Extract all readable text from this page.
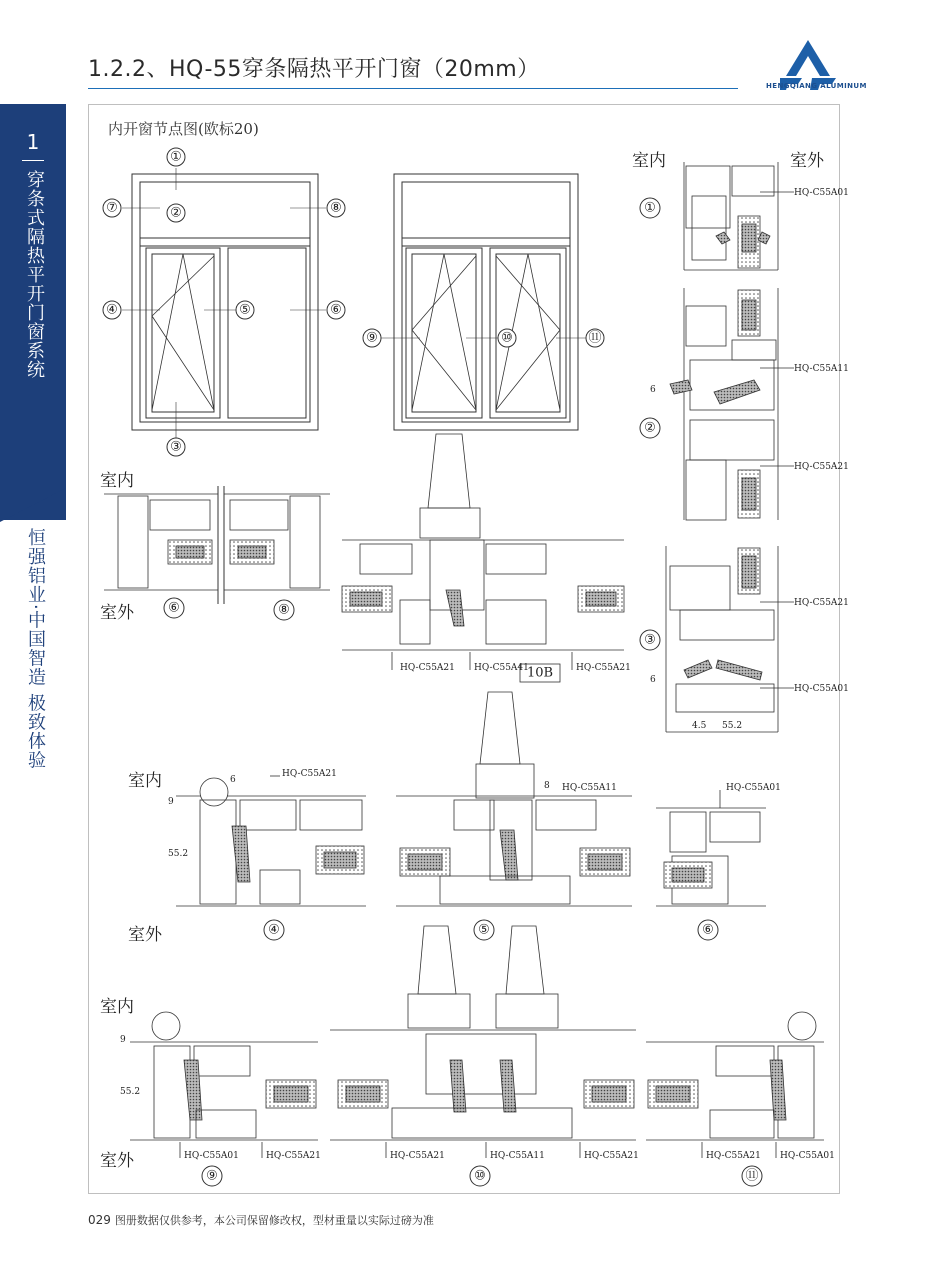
1.2.2、HQ-55穿条隔热平开门窗（20mm）
HENGQIANG ALUMINUM
1
穿条式隔热平开门窗系统
恒强铝业·中国智造 极致体验
内开窗节点图(欧标20)
室内	室外
室内
室外
室内
室外
室内
室外
①
②
③
④	⑤	⑥
⑦	⑧
⑨	⑩	⑪
HQ-C55A01
HQ-C55A11
HQ-C55A21
HQ-C55A21
HQ-C55A01
6
6
4.5 55.2
①
②
③
⑥	⑧
HQ-C55A21 HQ-C55A41	HQ-C55A21
10B
HQ-C55A21
6
9
55.2
④
HQ-C55A11
8
⑤
HQ-C55A01
⑥
HQ-C55A01	HQ-C55A21
9
55.2
⑨
HQ-C55A21	HQ-C55A11	HQ-C55A21
⑩
HQ-C55A21 HQ-C55A01
⑪
029 图册数据仅供参考，本公司保留修改权，型材重量以实际过磅为准
